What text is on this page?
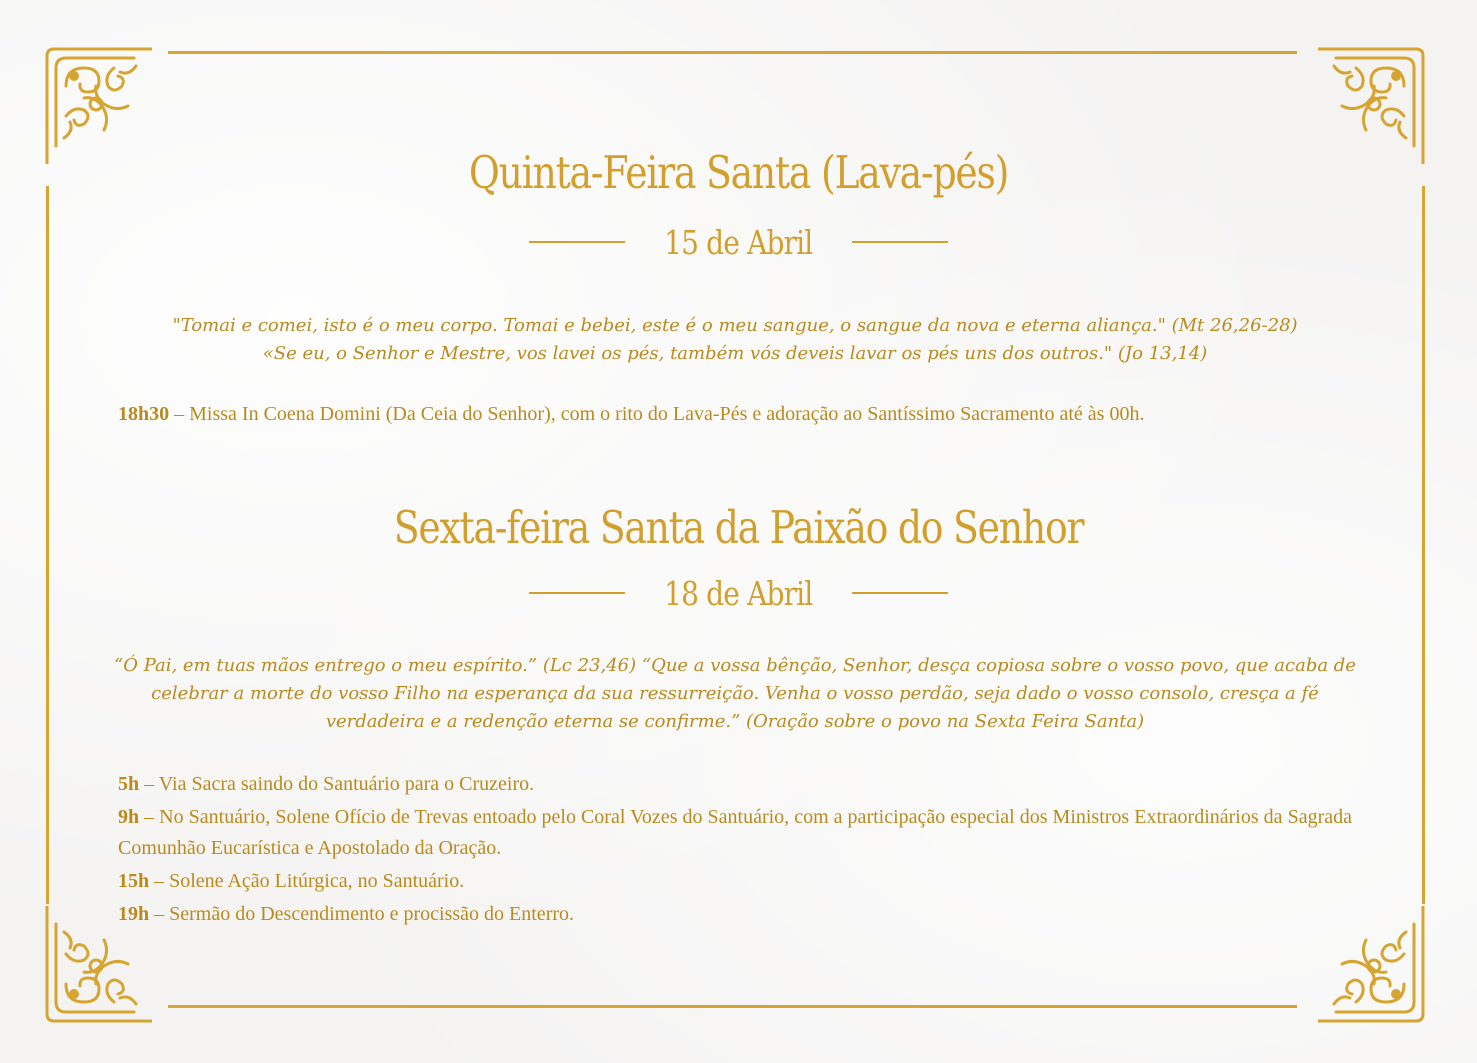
Quinta-Feira Santa (Lava-pés)
15 de Abril

"Tomai e comei, isto é o meu corpo. Tomai e bebei, este é o meu sangue, o sangue da nova e eterna aliança." (Mt 26,26-28)

«Se eu, o Senhor e Mestre, vos lavei os pés, também vós deveis lavar os pés uns dos outros." (Jo 13,14)

18h30 – Missa In Coena Domini (Da Ceia do Senhor), com o rito do Lava-Pés e adoração ao Santíssimo Sacramento até às 00h.
Sexta-feira Santa da Paixão do Senhor
18 de Abril

“Ó Pai, em tuas mãos entrego o meu espírito.” (Lc 23,46) “Que a vossa bênção, Senhor, desça copiosa sobre o vosso povo, que acaba de celebrar a morte do vosso Filho na esperança da sua ressurreição. Venha o vosso perdão, seja dado o vosso consolo, cresça a fé verdadeira e a redenção eterna se confirme.” (Oração sobre o povo na Sexta Feira Santa)

5h – Via Sacra saindo do Santuário para o Cruzeiro.
9h – No Santuário, Solene Ofício de Trevas entoado pelo Coral Vozes do Santuário, com a participação especial dos Ministros Extraordinários da Sagrada Comunhão Eucarística e Apostolado da Oração.
15h – Solene Ação Litúrgica, no Santuário.
19h – Sermão do Descendimento e procissão do Enterro.
